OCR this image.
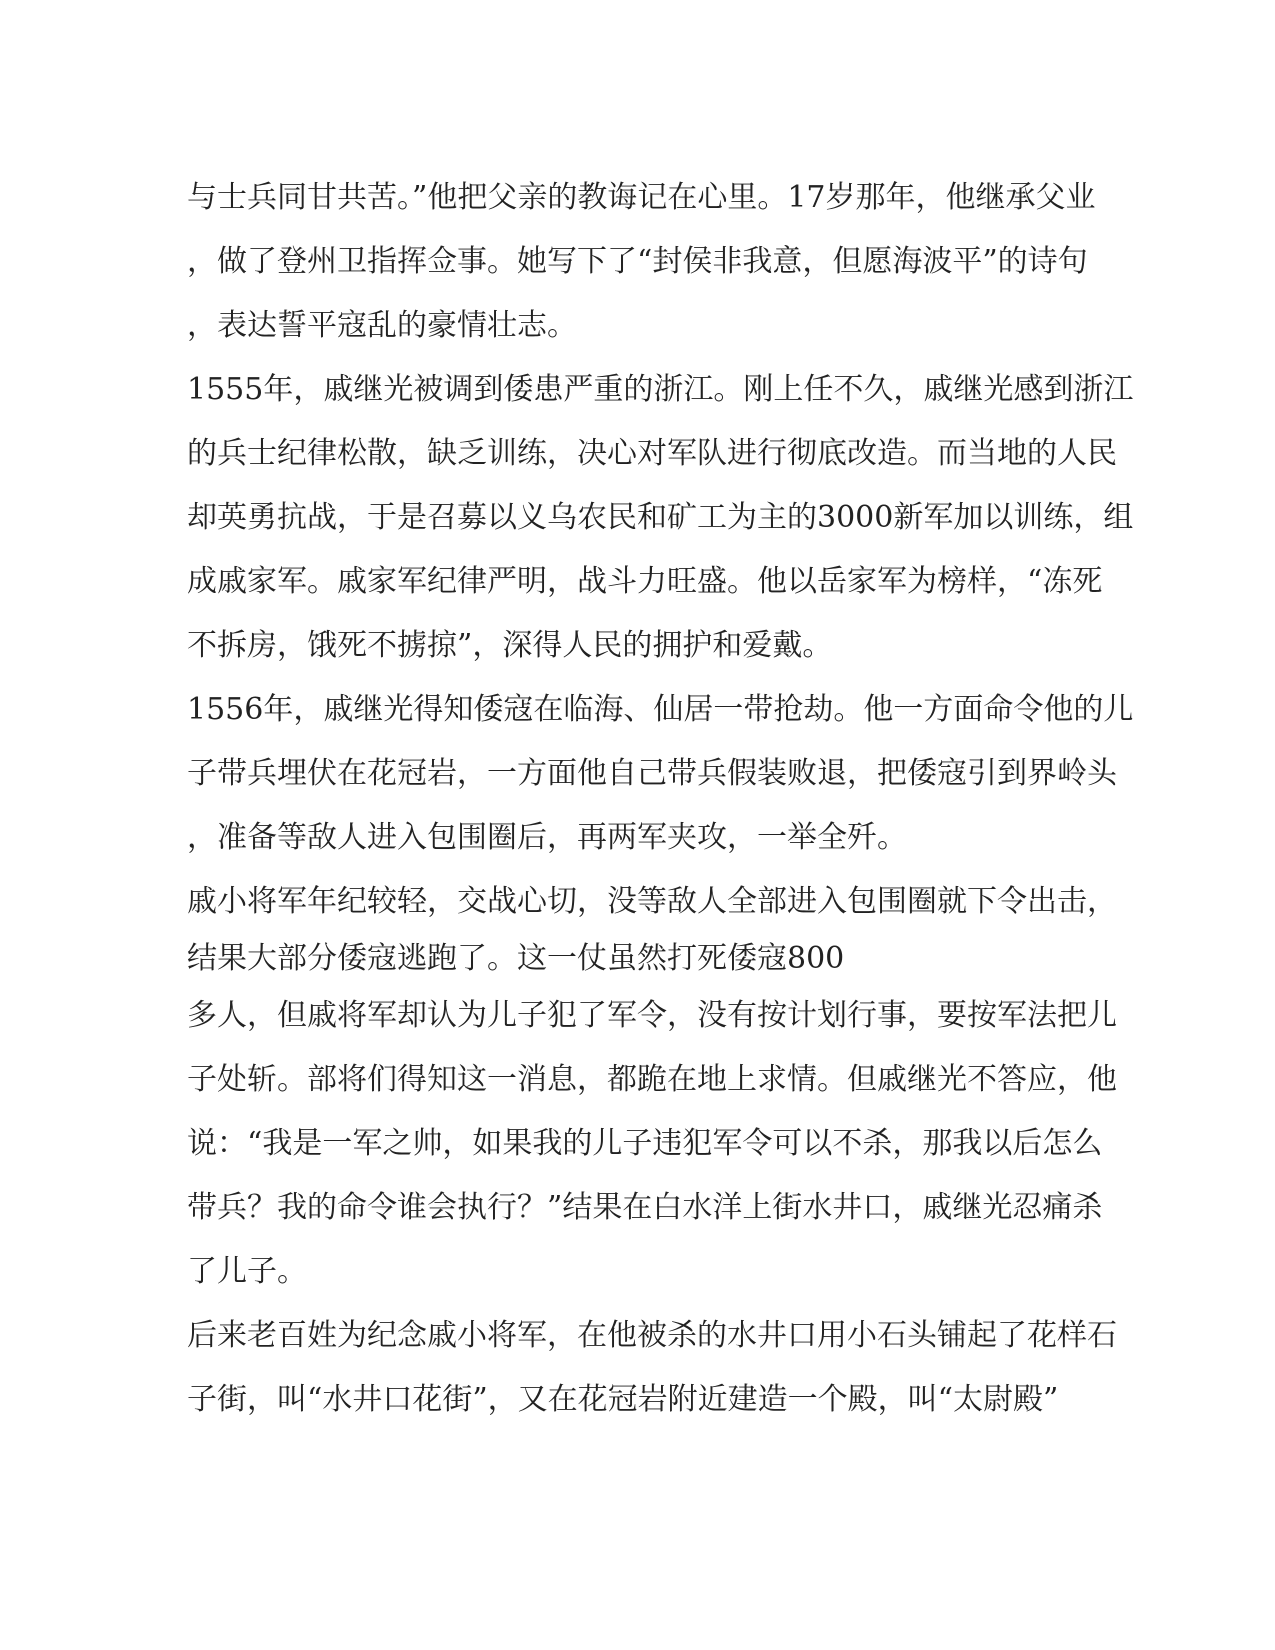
与士兵同甘共苦。”他把父亲的教诲记在心里。17岁那年，他继承父业
，做了登州卫指挥佥事。她写下了“封侯非我意，但愿海波平”的诗句
，表达誓平寇乱的豪情壮志。
1555年，戚继光被调到倭患严重的浙江。刚上任不久，戚继光感到浙江
的兵士纪律松散，缺乏训练，决心对军队进行彻底改造。而当地的人民
却英勇抗战，于是召募以义乌农民和矿工为主的3000新军加以训练，组
成戚家军。戚家军纪律严明，战斗力旺盛。他以岳家军为榜样，“冻死
不拆房，饿死不掳掠”，深得人民的拥护和爱戴。
1556年，戚继光得知倭寇在临海、仙居一带抢劫。他一方面命令他的儿
子带兵埋伏在花冠岩，一方面他自己带兵假装败退，把倭寇引到界岭头
，准备等敌人进入包围圈后，再两军夹攻，一举全歼。
戚小将军年纪较轻，交战心切，没等敌人全部进入包围圈就下令出击，
结果大部分倭寇逃跑了。这一仗虽然打死倭寇800
多人，但戚将军却认为儿子犯了军令，没有按计划行事，要按军法把儿
子处斩。部将们得知这一消息，都跪在地上求情。但戚继光不答应，他
说：“我是一军之帅，如果我的儿子违犯军令可以不杀，那我以后怎么
带兵？我的命令谁会执行？”结果在白水洋上街水井口，戚继光忍痛杀
了儿子。
后来老百姓为纪念戚小将军，在他被杀的水井口用小石头铺起了花样石
子街，叫“水井口花街”，又在花冠岩附近建造一个殿，叫“太尉殿”
